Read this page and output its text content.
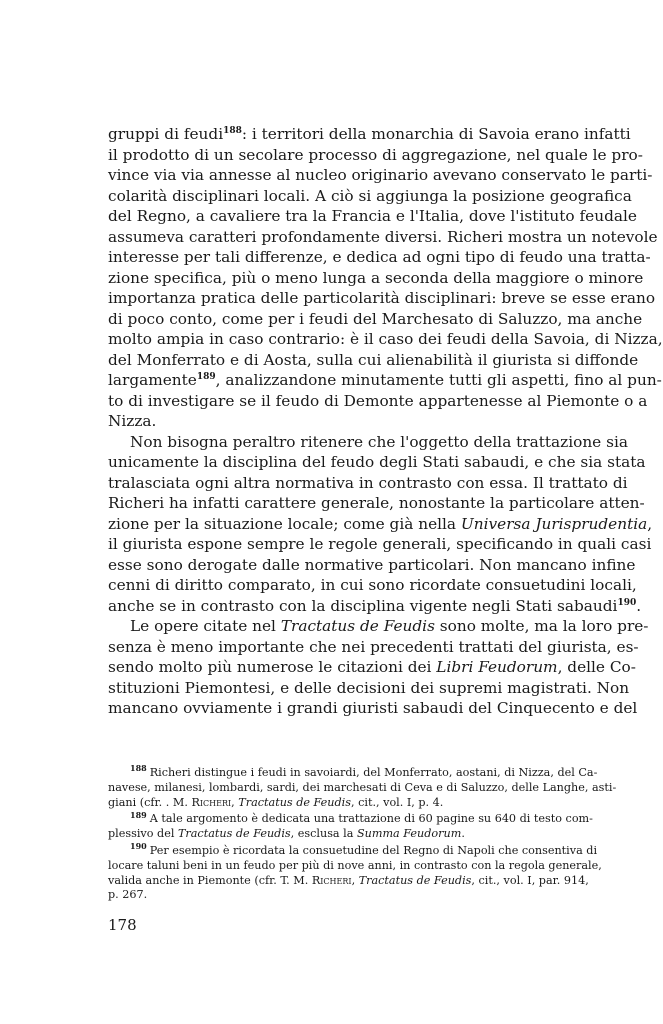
gruppi di feudi$^{188}$: i territori della monarchia di Savoia erano infatti
il prodotto di un secolare processo di aggregazione, nel quale le pro-
vince via via annesse al nucleo originario avevano conservato le parti-
colarità disciplinari locali. A ciò si aggiunga la posizione geografica
del Regno, a cavaliere tra la Francia e l'Italia, dove l'istituto feudale
assumeva caratteri profondamente diversi. Richeri mostra un notevole
interesse per tali differenze, e dedica ad ogni tipo di feudo una tratta-
zione specifica, più o meno lunga a seconda della maggiore o minore
importanza pratica delle particolarità disciplinari: breve se esse erano
di poco conto, come per i feudi del Marchesato di Saluzzo, ma anche
molto ampia in caso contrario: è il caso dei feudi della Savoia, di Nizza,
del Monferrato e di Aosta, sulla cui alienabilità il giurista si diffonde
largamente$^{189}$, analizzandone minutamente tutti gli aspetti, fino al pun-
to di investigare se il feudo di Demonte appartenesse al Piemonte o a
Nizza.

Non bisogna peraltro ritenere che l'oggetto della trattazione sia
unicamente la disciplina del feudo degli Stati sabaudi, e che sia stata
tralasciata ogni altra normativa in contrasto con essa. Il trattato di
Richeri ha infatti carattere generale, nonostante la particolare atten-
zione per la situazione locale; come già nella Universa Jurisprudentia,
il giurista espone sempre le regole generali, specificando in quali casi
esse sono derogate dalle normative particolari. Non mancano infine
cenni di diritto comparato, in cui sono ricordate consuetudini locali,
anche se in contrasto con la disciplina vigente negli Stati sabaudi$^{190}$.

Le opere citate nel Tractatus de Feudis sono molte, ma la loro pre-
senza è meno importante che nei precedenti trattati del giurista, es-
sendo molto più numerose le citazioni dei Libri Feudorum, delle Co-
stituzioni Piemontesi, e delle decisioni dei supremi magistrati. Non
mancano ovviamente i grandi giuristi sabaudi del Cinquecento e del

$^{188}$ Richeri distingue i feudi in savoiardi, del Monferrato, aostani, di Nizza, del Ca-
navese, milanesi, lombardi, sardi, dei marchesati di Ceva e di Saluzzo, delle Langhe, asti-
giani (cfr. . M. Richeri, Tractatus de Feudis, cit., vol. I, p. 4.
$^{189}$ A tale argomento è dedicata una trattazione di 60 pagine su 640 di testo com-
plessivo del Tractatus de Feudis, esclusa la Summa Feudorum.
$^{190}$ Per esempio è ricordata la consuetudine del Regno di Napoli che consentiva di
locare taluni beni in un feudo per più di nove anni, in contrasto con la regola generale,
valida anche in Piemonte (cfr. T. M. Richeri, Tractatus de Feudis, cit., vol. I, par. 914,
p. 267.
178
